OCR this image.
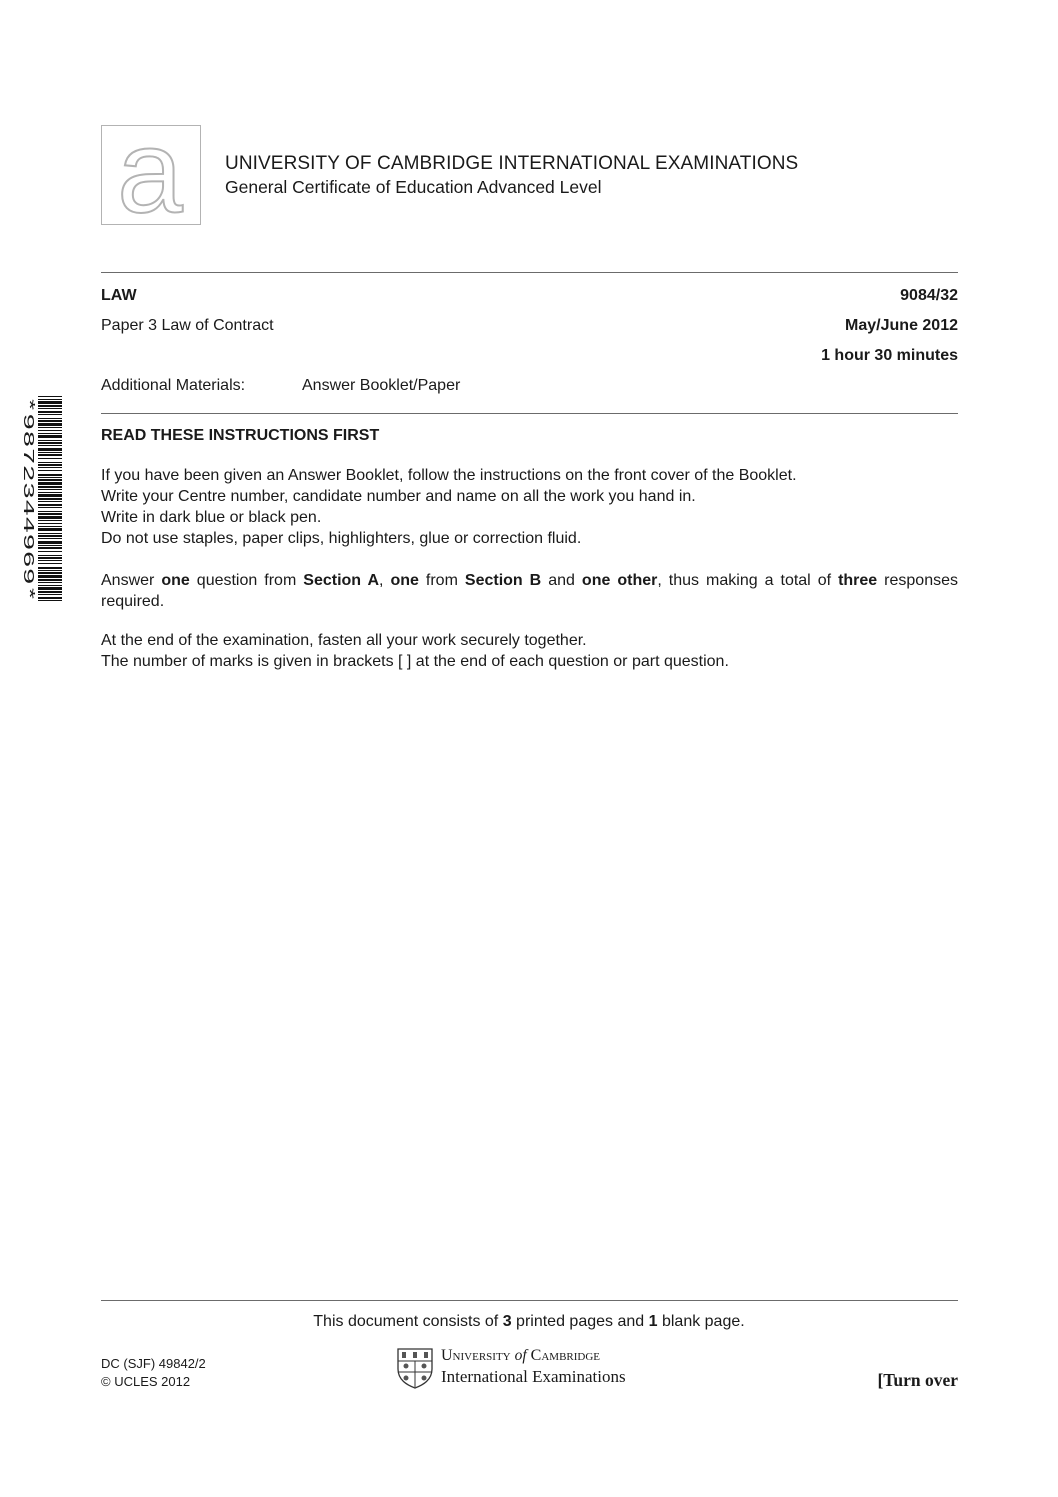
a UNIVERSITY OF CAMBRIDGE INTERNATIONAL EXAMINATIONS
General Certificate of Education Advanced Level
LAW	9084/32
Paper 3 Law of Contract	May/June 2012
1 hour 30 minutes
Additional Materials:	Answer Booklet/Paper
*9872344969*	READ THESE INSTRUCTIONS FIRST

If you have been given an Answer Booklet, follow the instructions on the front cover of the Booklet.

Write your Centre number, candidate number and name on all the work you hand in.

Write in dark blue or black pen.

Do not use staples, paper clips, highlighters, glue or correction fluid.

Answer one question from Section A, one from Section B and one other, thus making a total of three responses required.

At the end of the examination, fasten all your work securely together.

The number of marks is given in brackets [ ] at the end of each question or part question.

This document consists of 3 printed pages and 1 blank page.
DC (SJF) 49842/2
© UCLES 2012
University of Cambridge
International Examinations	[Turn over
